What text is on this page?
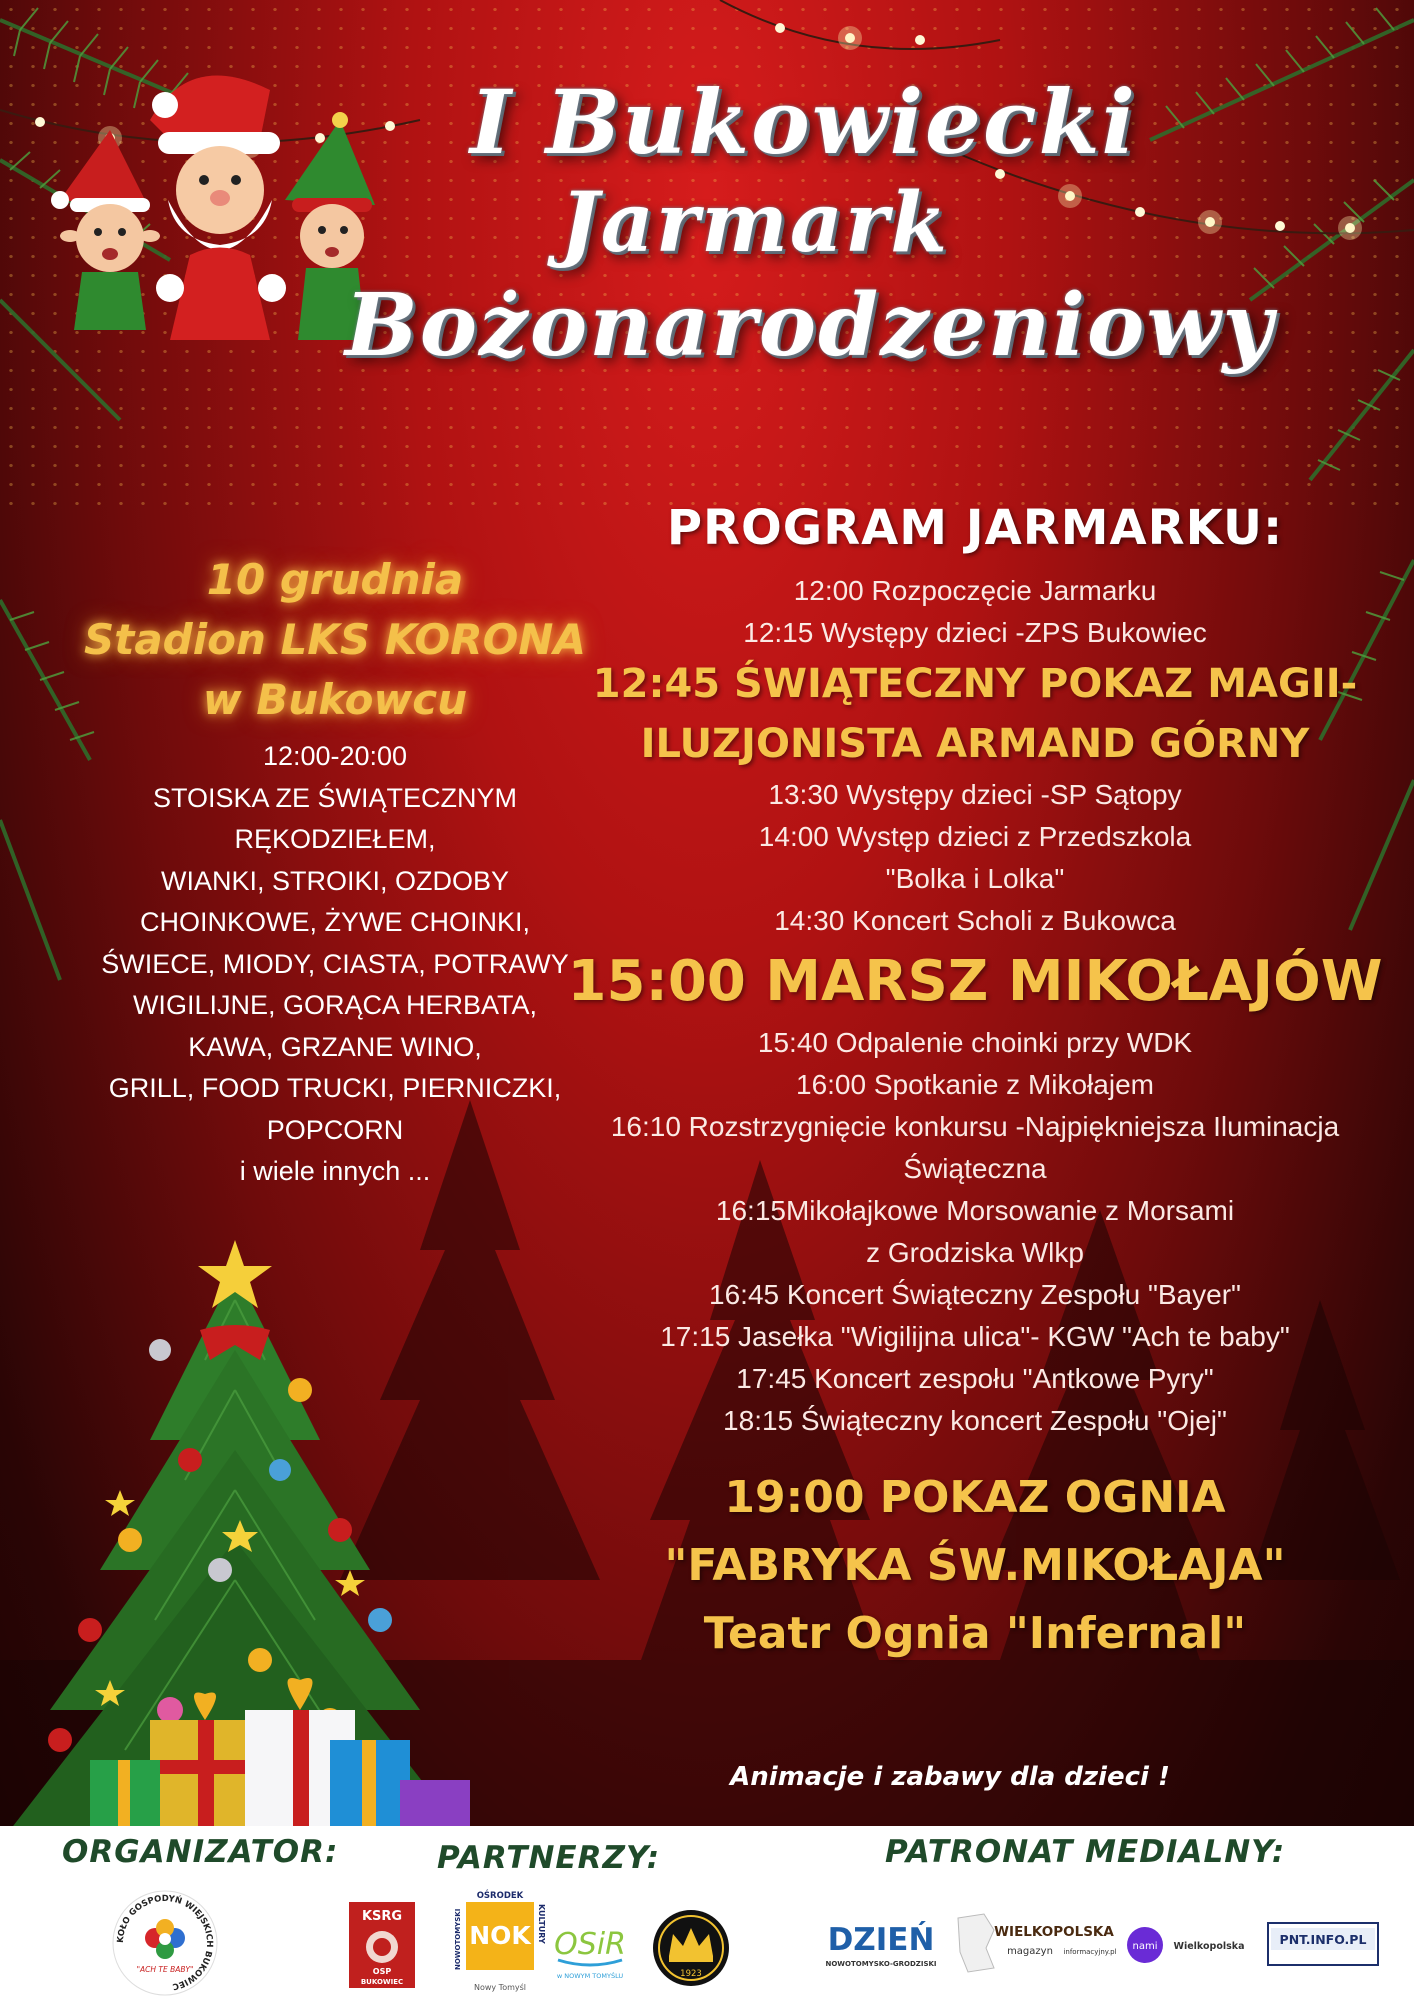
I Bukowiecki
Jarmark
Bożonarodzeniowy
10 grudnia
Stadion LKS KORONA
w Bukowcu
12:00-20:00
STOISKA ZE ŚWIĄTECZNYM
RĘKODZIEŁEM,
WIANKI, STROIKI, OZDOBY
CHOINKOWE, ŻYWE CHOINKI,
ŚWIECE, MIODY, CIASTA, POTRAWY
WIGILIJNE, GORĄCA HERBATA,
KAWA, GRZANE WINO,
GRILL, FOOD TRUCKI, PIERNICZKI,
POPCORN
i wiele innych ...
PROGRAM JARMARKU:
12:00 Rozpoczęcie Jarmarku
12:15 Występy dzieci -ZPS Bukowiec
12:45 ŚWIĄTECZNY POKAZ MAGII-
ILUZJONISTA ARMAND GÓRNY
13:30 Występy dzieci -SP Sątopy
14:00 Występ dzieci z Przedszkola
"Bolka i Lolka"
14:30 Koncert Scholi z Bukowca
15:00 MARSZ MIKOŁAJÓW
15:40 Odpalenie choinki przy WDK
16:00 Spotkanie z Mikołajem
16:10 Rozstrzygnięcie konkursu -Najpiękniejsza Iluminacja
Świąteczna
16:15Mikołajkowe Morsowanie z Morsami
z Grodziska Wlkp
16:45 Koncert Świąteczny Zespołu "Bayer"
17:15 Jasełka "Wigilijna ulica"- KGW "Ach te baby"
17:45 Koncert zespołu "Antkowe Pyry"
18:15 Świąteczny koncert Zespołu "Ojej"
19:00 POKAZ OGNIA
"FABRYKA ŚW.MIKOŁAJA"
Teatr Ognia "Infernal"
Animacje i zabawy dla dzieci !
ORGANIZATOR:	PARTNERZY:	PATRONAT MEDIALNY:
KOŁO GOSPODYŃ WIEJSKICH BUKOWIEC
"ACH TE BABY"
KSRG
OSP
BUKOWIEC
OŚRODEK
NOK
NOWOTOMYSKI	KULTURY
Nowy Tomyśl
OSiR
w NOWYM TOMYŚLU	1923
DZIEŃ
NOWOTOMYSKO-GRODZISKI
WIELKOPOLSKA
magazyn informacyjny.pl nami Wielkopolska	PNT.INFO.PL
